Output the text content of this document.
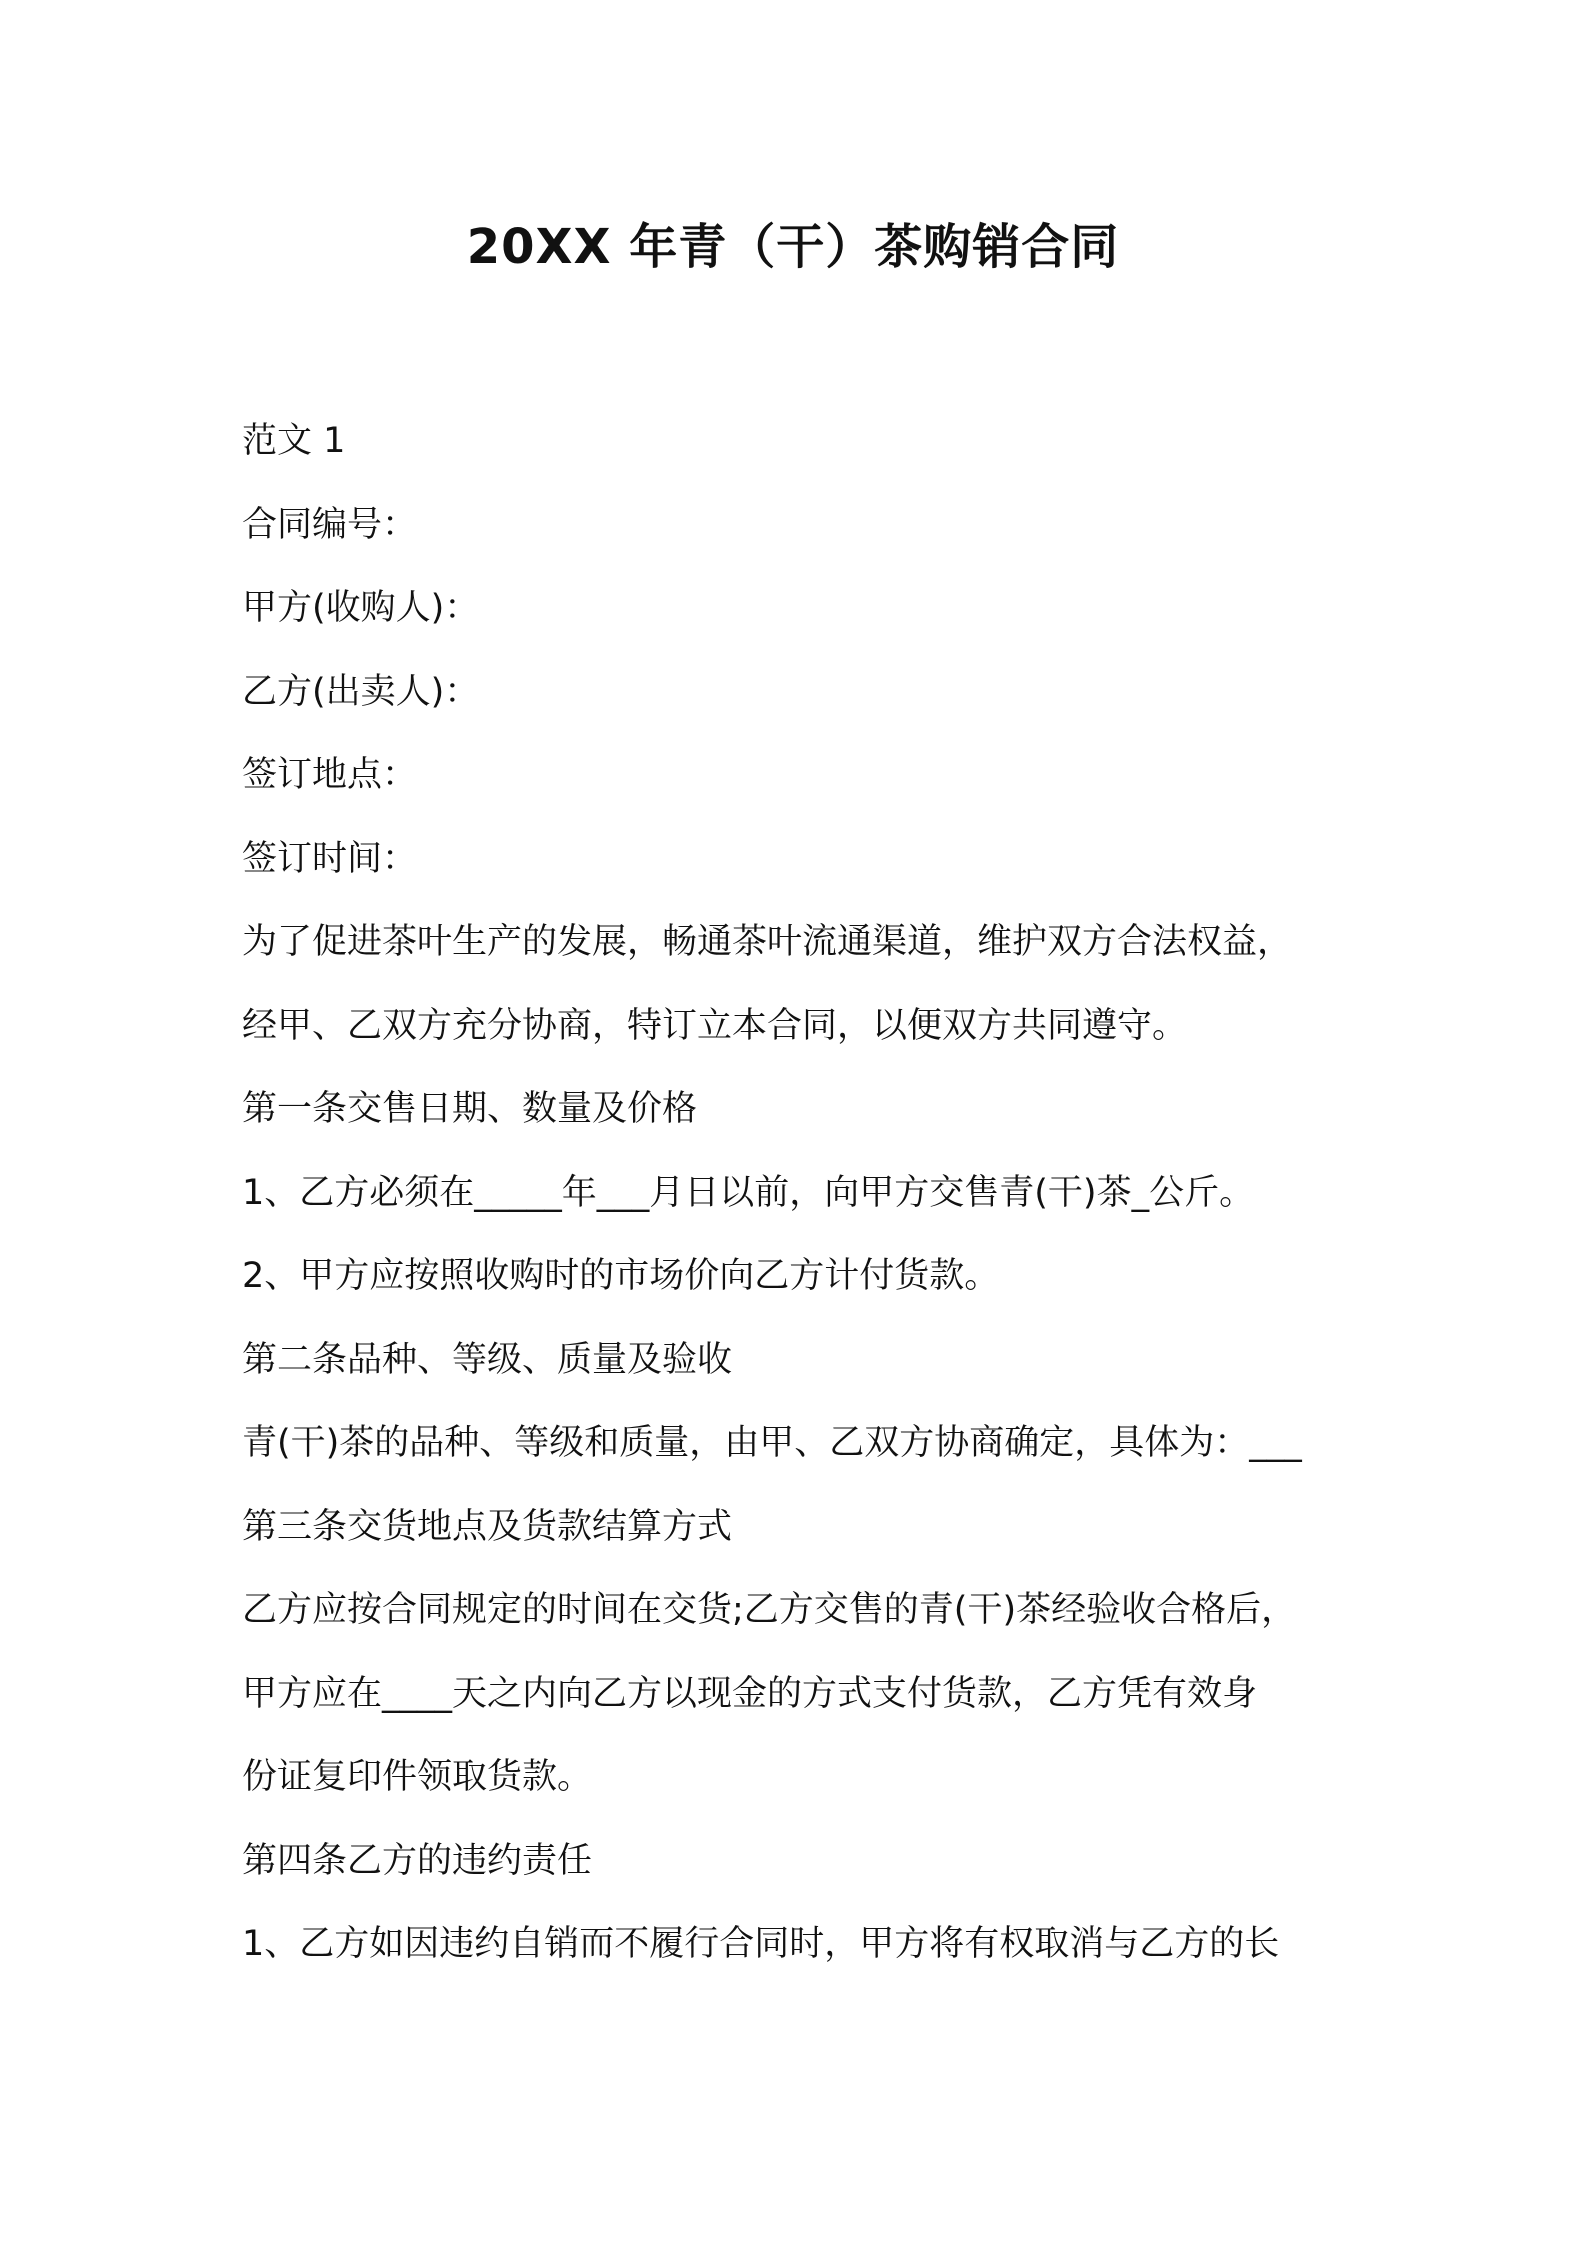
20XX 年青（干）茶购销合同
范文 1
合同编号：
甲方(收购人)：
乙方(出卖人)：
签订地点：
签订时间：
为了促进茶叶生产的发展，畅通茶叶流通渠道，维护双方合法权益，
经甲、乙双方充分协商，特订立本合同，以便双方共同遵守。
第一条交售日期、数量及价格
1、乙方必须在_____年___月日以前，向甲方交售青(干)茶_公斤。
2、甲方应按照收购时的市场价向乙方计付货款。
第二条品种、等级、质量及验收
青(干)茶的品种、等级和质量，由甲、乙双方协商确定，具体为：___
第三条交货地点及货款结算方式
乙方应按合同规定的时间在交货;乙方交售的青(干)茶经验收合格后，
甲方应在____天之内向乙方以现金的方式支付货款，乙方凭有效身
份证复印件领取货款。
第四条乙方的违约责任
1、乙方如因违约自销而不履行合同时，甲方将有权取消与乙方的长
